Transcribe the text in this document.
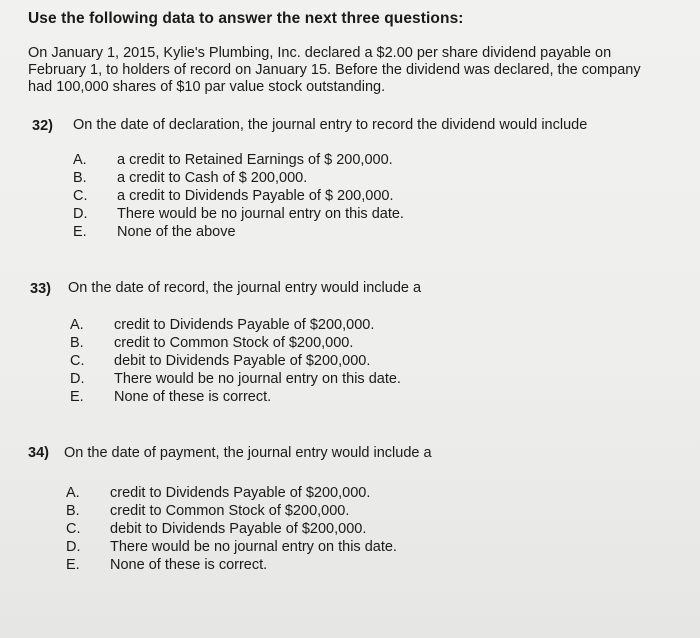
Use the following data to answer the next three questions:
On January 1, 2015, Kylie's Plumbing, Inc. declared a $2.00 per share dividend payable on
February 1, to holders of record on January 15. Before the dividend was declared, the company
had 100,000 shares of $10 par value stock outstanding.
32) On the date of declaration, the journal entry to record the dividend would include
A.	a credit to Retained Earnings of $ 200,000.
B.	a credit to Cash of $ 200,000.
C.	a credit to Dividends Payable of $ 200,000.
D.	There would be no journal entry on this date.
E.	None of the above
33) On the date of record, the journal entry would include a
A.	credit to Dividends Payable of $200,000.
B.	credit to Common Stock of $200,000.
C.	debit to Dividends Payable of $200,000.
D.	There would be no journal entry on this date.
E.	None of these is correct.
34) On the date of payment, the journal entry would include a
A.	credit to Dividends Payable of $200,000.
B.	credit to Common Stock of $200,000.
C.	debit to Dividends Payable of $200,000.
D.	There would be no journal entry on this date.
E.	None of these is correct.
